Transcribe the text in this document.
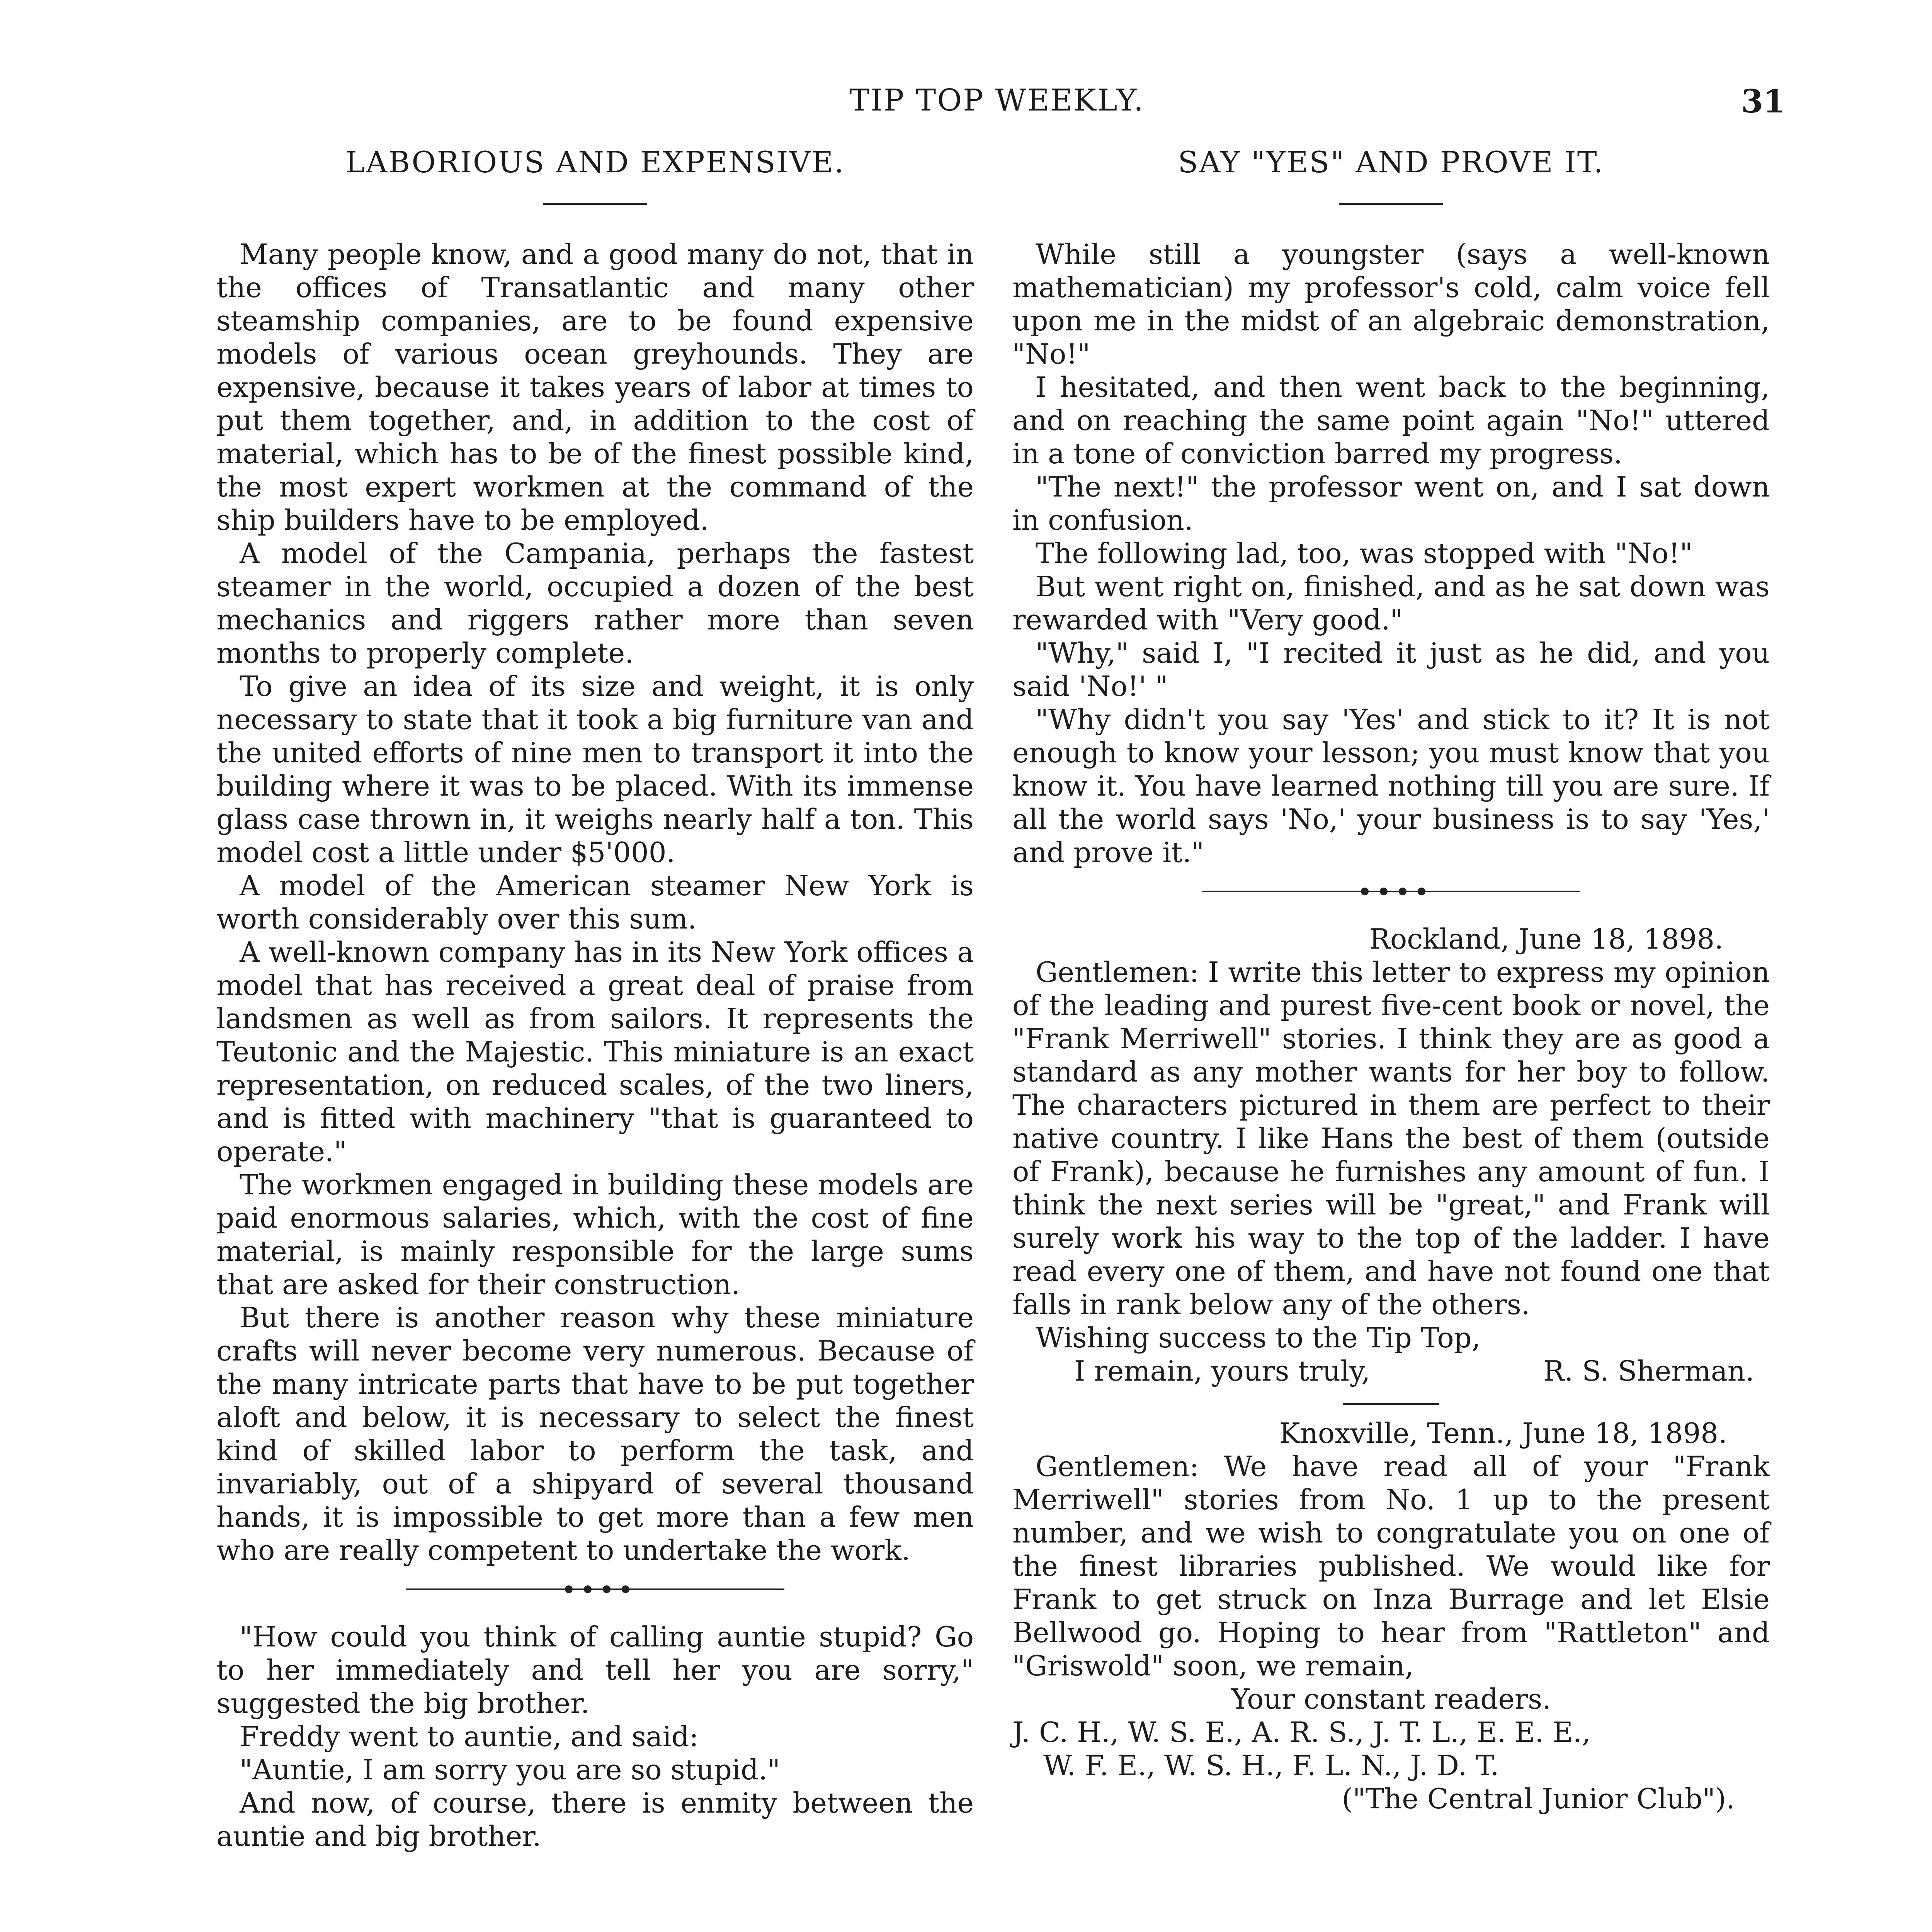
TIP TOP WEEKLY.	31
LABORIOUS AND EXPENSIVE.

Many people know, and a good many do not, that in the offices of Transatlantic and many other steamship companies, are to be found expensive models of various ocean greyhounds. They are expensive, because it takes years of labor at times to put them together, and, in addition to the cost of material, which has to be of the finest possible kind, the most expert workmen at the command of the ship builders have to be employed.

A model of the Campania, perhaps the fastest steamer in the world, occupied a dozen of the best mechanics and riggers rather more than seven months to properly complete.

To give an idea of its size and weight, it is only necessary to state that it took a big furniture van and the united efforts of nine men to transport it into the building where it was to be placed. With its immense glass case thrown in, it weighs nearly half a ton. This model cost a little under $5'000.

A model of the American steamer New York is worth considerably over this sum.

A well-known company has in its New York offices a model that has received a great deal of praise from landsmen as well as from sailors. It represents the Teutonic and the Majestic. This miniature is an exact representation, on reduced scales, of the two liners, and is fitted with machinery "that is guaranteed to operate."

The workmen engaged in building these models are paid enormous salaries, which, with the cost of fine material, is mainly responsible for the large sums that are asked for their construction.

But there is another reason why these miniature crafts will never become very numerous. Because of the many intricate parts that have to be put together aloft and below, it is necessary to select the finest kind of skilled labor to perform the task, and invariably, out of a shipyard of several thousand hands, it is impossible to get more than a few men who are really competent to undertake the work.

"How could you think of calling auntie stupid? Go to her immediately and tell her you are sorry," suggested the big brother.

Freddy went to auntie, and said:

"Auntie, I am sorry you are so stupid."

And now, of course, there is enmity between the auntie and big brother.

SAY "YES" AND PROVE IT.

While still a youngster (says a well-known mathematician) my professor's cold, calm voice fell upon me in the midst of an algebraic demonstration, "No!"

I hesitated, and then went back to the beginning, and on reaching the same point again "No!" uttered in a tone of conviction barred my progress.

"The next!" the professor went on, and I sat down in confusion.

The following lad, too, was stopped with "No!"

But went right on, finished, and as he sat down was rewarded with "Very good."

"Why," said I, "I recited it just as he did, and you said 'No!' "

"Why didn't you say 'Yes' and stick to it? It is not enough to know your lesson; you must know that you know it. You have learned nothing till you are sure. If all the world says 'No,' your business is to say 'Yes,' and prove it."

Rockland, June 18, 1898.

Gentlemen: I write this letter to express my opinion of the leading and purest five-cent book or novel, the "Frank Merriwell" stories. I think they are as good a standard as any mother wants for her boy to follow. The characters pictured in them are perfect to their native country. I like Hans the best of them (outside of Frank), because he furnishes any amount of fun. I think the next series will be "great," and Frank will surely work his way to the top of the ladder. I have read every one of them, and have not found one that falls in rank below any of the others.

Wishing success to the Tip Top,

I remain, yours truly,	R. S. Sherman.

Knoxville, Tenn., June 18, 1898.

Gentlemen: We have read all of your "Frank Merriwell" stories from No. 1 up to the present number, and we wish to congratulate you on one of the finest libraries published. We would like for Frank to get struck on Inza Burrage and let Elsie Bellwood go. Hoping to hear from "Rattleton" and "Griswold" soon, we remain,

Your constant readers.

J. C. H., W. S. E., A. R. S., J. T. L., E. E. E.,

W. F. E., W. S. H., F. L. N., J. D. T.

("The Central Junior Club").
